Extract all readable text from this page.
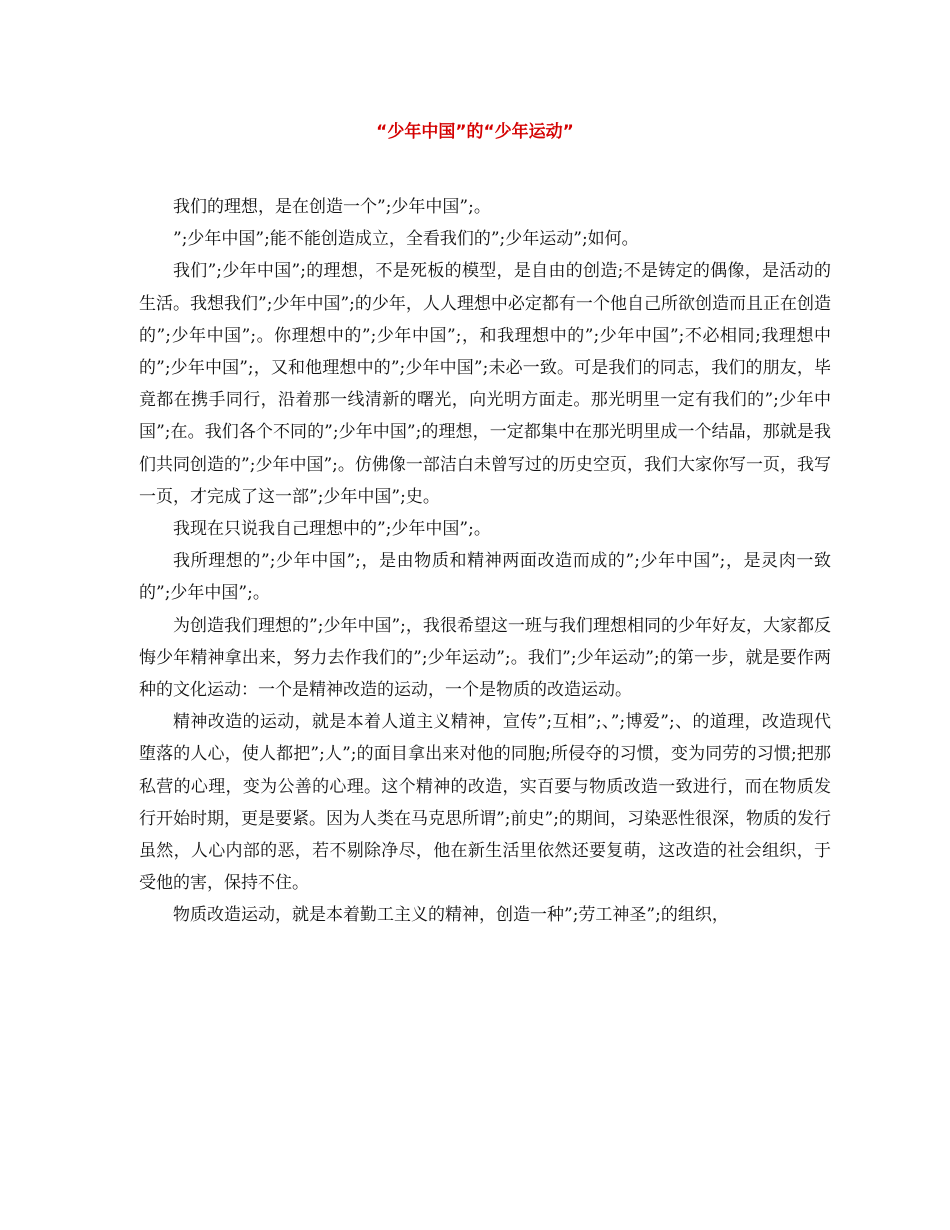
“少年中国”的“少年运动”

我们的理想，是在创造一个”;少年中国”;。

”;少年中国”;能不能创造成立，全看我们的”;少年运动”;如何。

我们”;少年中国”;的理想，不是死板的模型，是自由的创造;不是铸定的偶像，是活动的生活。我想我们”;少年中国”;的少年，人人理想中必定都有一个他自己所欲创造而且正在创造的”;少年中国”;。你理想中的”;少年中国”;，和我理想中的”;少年中国”;不必相同;我理想中的”;少年中国”;，又和他理想中的”;少年中国”;未必一致。可是我们的同志，我们的朋友，毕竟都在携手同行，沿着那一线清新的曙光，向光明方面走。那光明里一定有我们的”;少年中国”;在。我们各个不同的”;少年中国”;的理想，一定都集中在那光明里成一个结晶，那就是我们共同创造的”;少年中国”;。仿佛像一部洁白未曾写过的历史空页，我们大家你写一页，我写一页，才完成了这一部”;少年中国”;史。

我现在只说我自己理想中的”;少年中国”;。

我所理想的”;少年中国”;，是由物质和精神两面改造而成的”;少年中国”;，是灵肉一致的”;少年中国”;。

为创造我们理想的”;少年中国”;，我很希望这一班与我们理想相同的少年好友，大家都反悔少年精神拿出来，努力去作我们的”;少年运动”;。我们”;少年运动”;的第一步，就是要作两种的文化运动：一个是精神改造的运动，一个是物质的改造运动。

精神改造的运动，就是本着人道主义精神，宣传”;互相”;、”;博爱”;、的道理，改造现代堕落的人心，使人都把”;人”;的面目拿出来对他的同胞;所侵夺的习惯，变为同劳的习惯;把那私营的心理，变为公善的心理。这个精神的改造，实百要与物质改造一致进行，而在物质发行开始时期，更是要紧。因为人类在马克思所谓”;前史”;的期间，习染恶性很深，物质的发行虽然，人心内部的恶，若不剔除净尽，他在新生活里依然还要复萌，这改造的社会组织，于受他的害，保持不住。

物质改造运动，就是本着勤工主义的精神，创造一种”;劳工神圣”;的组织，
